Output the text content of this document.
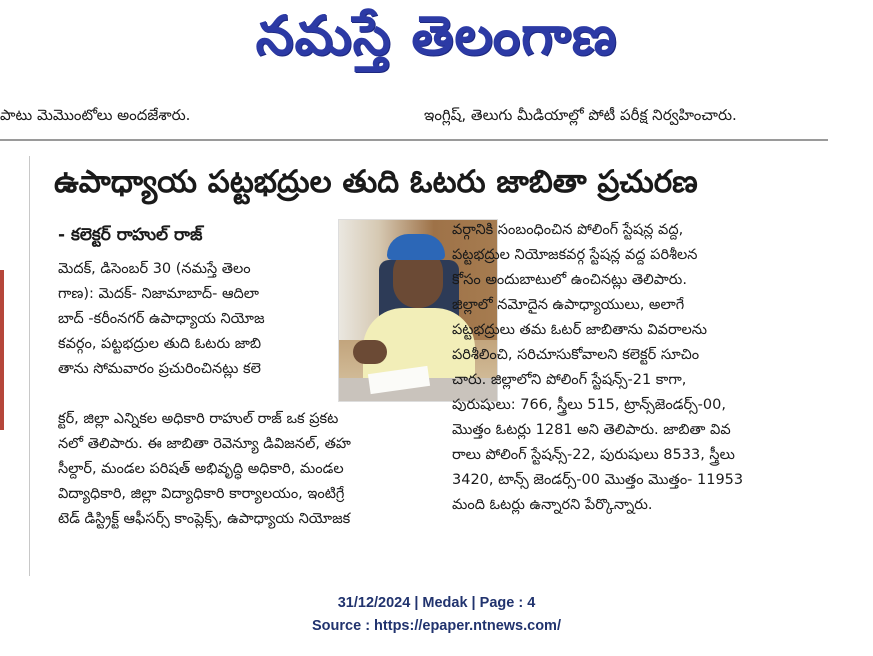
నమస్తే తెలంగాణ
పాటు మెమొంటోలు అందజేశారు.	ఇంగ్లిష్, తెలుగు మీడియాల్లో పోటీ పరీక్ష నిర్వహించారు.
ఉపాధ్యాయ పట్టభద్రుల తుది ఓటరు జాబితా ప్రచురణ
- కలెక్టర్ రాహుల్ రాజ్
మెదక్, డిసెంబర్ 30 (నమస్తే తెలం
గాణ): మెదక్- నిజామాబాద్- ఆదిలా
బాద్ -కరీంనగర్ ఉపాధ్యాయ నియోజ
కవర్గం, పట్టభద్రుల తుది ఓటరు జాబి
తాను సోమవారం ప్రచురించినట్లు కలె
క్టర్, జిల్లా ఎన్నికల అధికారి రాహుల్ రాజ్ ఒక ప్రకట
నలో తెలిపారు. ఈ జాబితా రెవెన్యూ డివిజనల్, తహ
సీల్దార్, మండల పరిషత్ అభివృద్ధి అధికారి, మండల
విద్యాధికారి, జిల్లా విద్యాధికారి కార్యాలయం, ఇంటిగ్రే
టెడ్ డిస్ట్రిక్ట్ ఆఫీసర్స్ కాంప్లెక్స్, ఉపాధ్యాయ నియోజక
వర్గానికి సంబంధించిన పోలింగ్ స్టేషన్ల వద్ద,
పట్టభద్రుల నియోజకవర్గ స్టేషన్ల వద్ద పరిశీలన
కోసం అందుబాటులో ఉంచినట్లు తెలిపారు.
జిల్లాలో నమోదైన ఉపాధ్యాయులు, అలాగే
పట్టభద్రులు తమ ఓటర్ జాబితాను వివరాలను
పరిశీలించి, సరిచూసుకోవాలని కలెక్టర్ సూచిం
చారు. జిల్లాలోని పోలింగ్ స్టేషన్స్-21 కాగా,
పురుషులు: 766, స్త్రీలు 515, ట్రాన్స్‌జెండర్స్-00,
మొత్తం ఓటర్లు 1281 అని తెలిపారు. జాబితా వివ
రాలు పోలింగ్ స్టేషన్స్-22, పురుషులు 8533, స్త్రీలు
3420, టాన్స్ జెండర్స్-00 మొత్తం మొత్తం- 11953
మంది ఓటర్లు ఉన్నారని పేర్కొన్నారు.
31/12/2024 | Medak | Page : 4
Source : https://epaper.ntnews.com/
